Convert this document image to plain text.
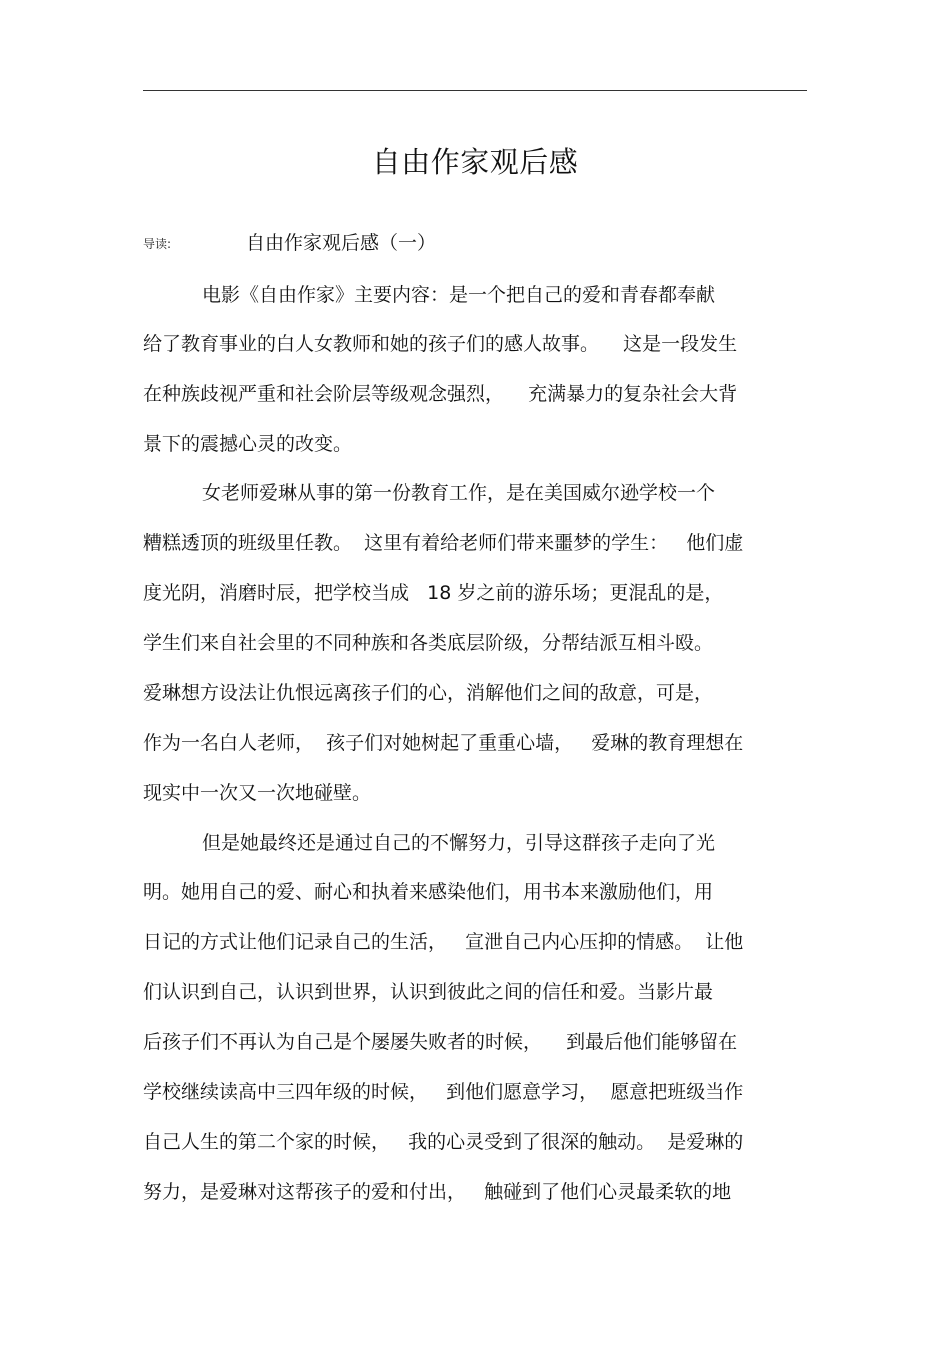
自由作家观后感
导读:	自由作家观后感（一）
电影《自由作家》主要内容：是一个把自己的爱和青春都奉献
给了教育事业的白人女教师和她的孩子们的感人故事。    这是一段发生
在种族歧视严重和社会阶层等级观念强烈，    充满暴力的复杂社会大背
景下的震撼心灵的改变。
女老师爱琳从事的第一份教育工作，是在美国威尔逊学校一个
糟糕透顶的班级里任教。  这里有着给老师们带来噩梦的学生：   他们虚
度光阴，消磨时辰，把学校当成   18 岁之前的游乐场；更混乱的是，
学生们来自社会里的不同种族和各类底层阶级，分帮结派互相斗殴。
爱琳想方设法让仇恨远离孩子们的心，消解他们之间的敌意，可是，
作为一名白人老师，  孩子们对她树起了重重心墙，   爱琳的教育理想在
现实中一次又一次地碰壁。
但是她最终还是通过自己的不懈努力，引导这群孩子走向了光
明。她用自己的爱、耐心和执着来感染他们，用书本来激励他们，用
日记的方式让他们记录自己的生活，   宣泄自己内心压抑的情感。  让他
们认识到自己，认识到世界，认识到彼此之间的信任和爱。当影片最
后孩子们不再认为自己是个屡屡失败者的时候，    到最后他们能够留在
学校继续读高中三四年级的时候，   到他们愿意学习，  愿意把班级当作
自己人生的第二个家的时候，   我的心灵受到了很深的触动。  是爱琳的
努力，是爱琳对这帮孩子的爱和付出，   触碰到了他们心灵最柔软的地
